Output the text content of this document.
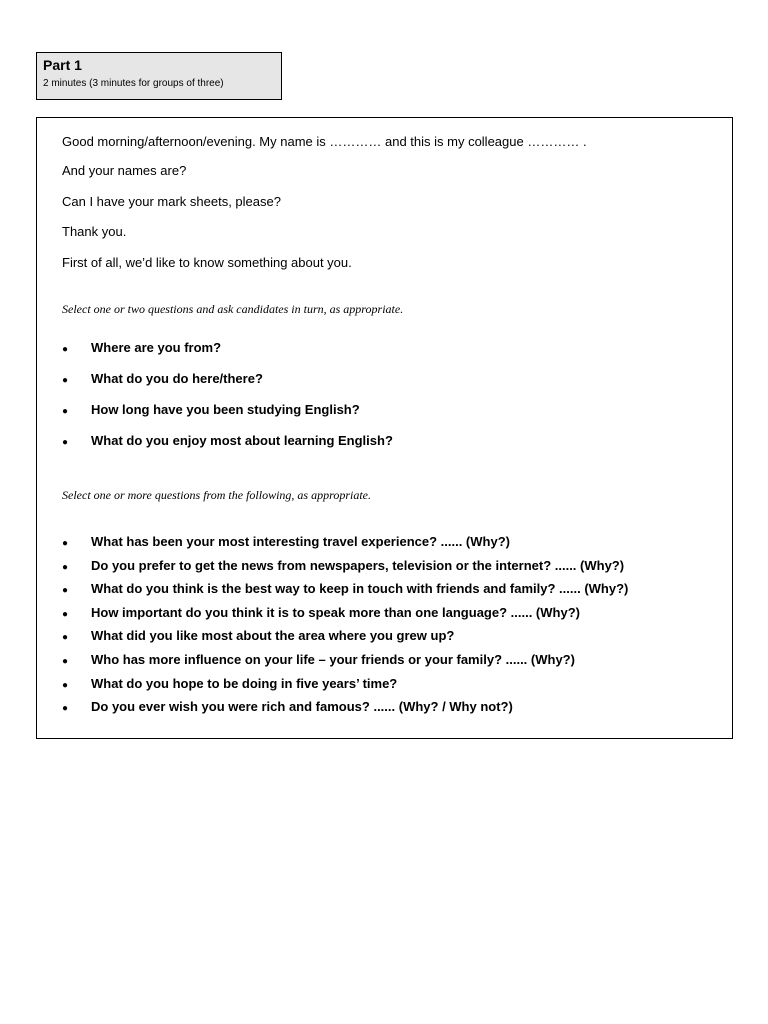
Part 1
2 minutes (3 minutes for groups of three)

Good morning/afternoon/evening. My name is ………… and this is my colleague ………… .

And your names are?

Can I have your mark sheets, please?

Thank you.

First of all, we’d like to know something about you.

Select one or two questions and ask candidates in turn, as appropriate.

● Where are you from?
● What do you do here/there?
● How long have you been studying English?
● What do you enjoy most about learning English?

Select one or more questions from the following, as appropriate.

● What has been your most interesting travel experience? ...... (Why?)
● Do you prefer to get the news from newspapers, television or the internet? ...... (Why?)
● What do you think is the best way to keep in touch with friends and family? ...... (Why?)
● How important do you think it is to speak more than one language? ...... (Why?)
● What did you like most about the area where you grew up?
● Who has more influence on your life – your friends or your family? ...... (Why?)
● What do you hope to be doing in five years’ time?
● Do you ever wish you were rich and famous? ...... (Why? / Why not?)
